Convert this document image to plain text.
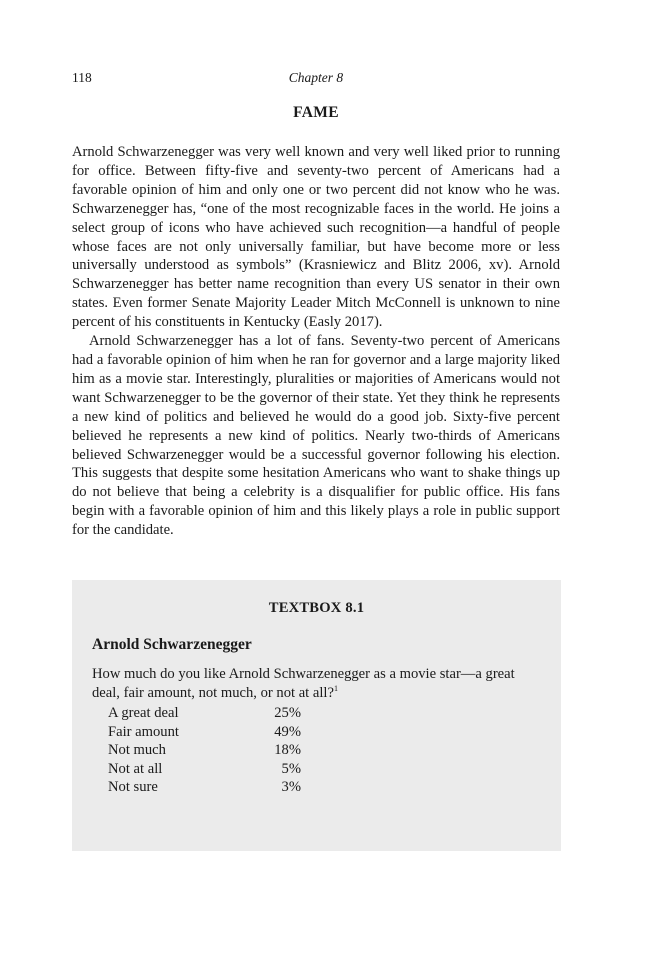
118	Chapter 8
FAME

Arnold Schwarzenegger was very well known and very well liked prior to running for office. Between fifty-five and seventy-two percent of Americans had a favorable opinion of him and only one or two percent did not know who he was. Schwarzenegger has, “one of the most recognizable faces in the world. He joins a select group of icons who have achieved such recognition—a handful of people whose faces are not only universally familiar, but have become more or less universally understood as symbols” (Krasniewicz and Blitz 2006, xv). Arnold Schwarzenegger has better name recognition than every US senator in their own states. Even former Senate Majority Leader Mitch McConnell is unknown to nine percent of his constituents in Kentucky (Easly 2017).

Arnold Schwarzenegger has a lot of fans. Seventy-two percent of Americans had a favorable opinion of him when he ran for governor and a large majority liked him as a movie star. Interestingly, pluralities or majorities of Americans would not want Schwarzenegger to be the governor of their state. Yet they think he represents a new kind of politics and believed he would do a good job. Sixty-five percent believed he represents a new kind of politics. Nearly two-thirds of Americans believed Schwarzenegger would be a successful governor following his election. This suggests that despite some hesitation Americans who want to shake things up do not believe that being a celebrity is a disqualifier for public office. His fans begin with a favorable opinion of him and this likely plays a role in public support for the candidate.

TEXTBOX 8.1
Arnold Schwarzenegger
How much do you like Arnold Schwarzenegger as a movie star—a great deal, fair amount, not much, or not at all?$^1$
A great deal	25%
Fair amount	49%
Not much	18%
Not at all	5%
Not sure	3%
